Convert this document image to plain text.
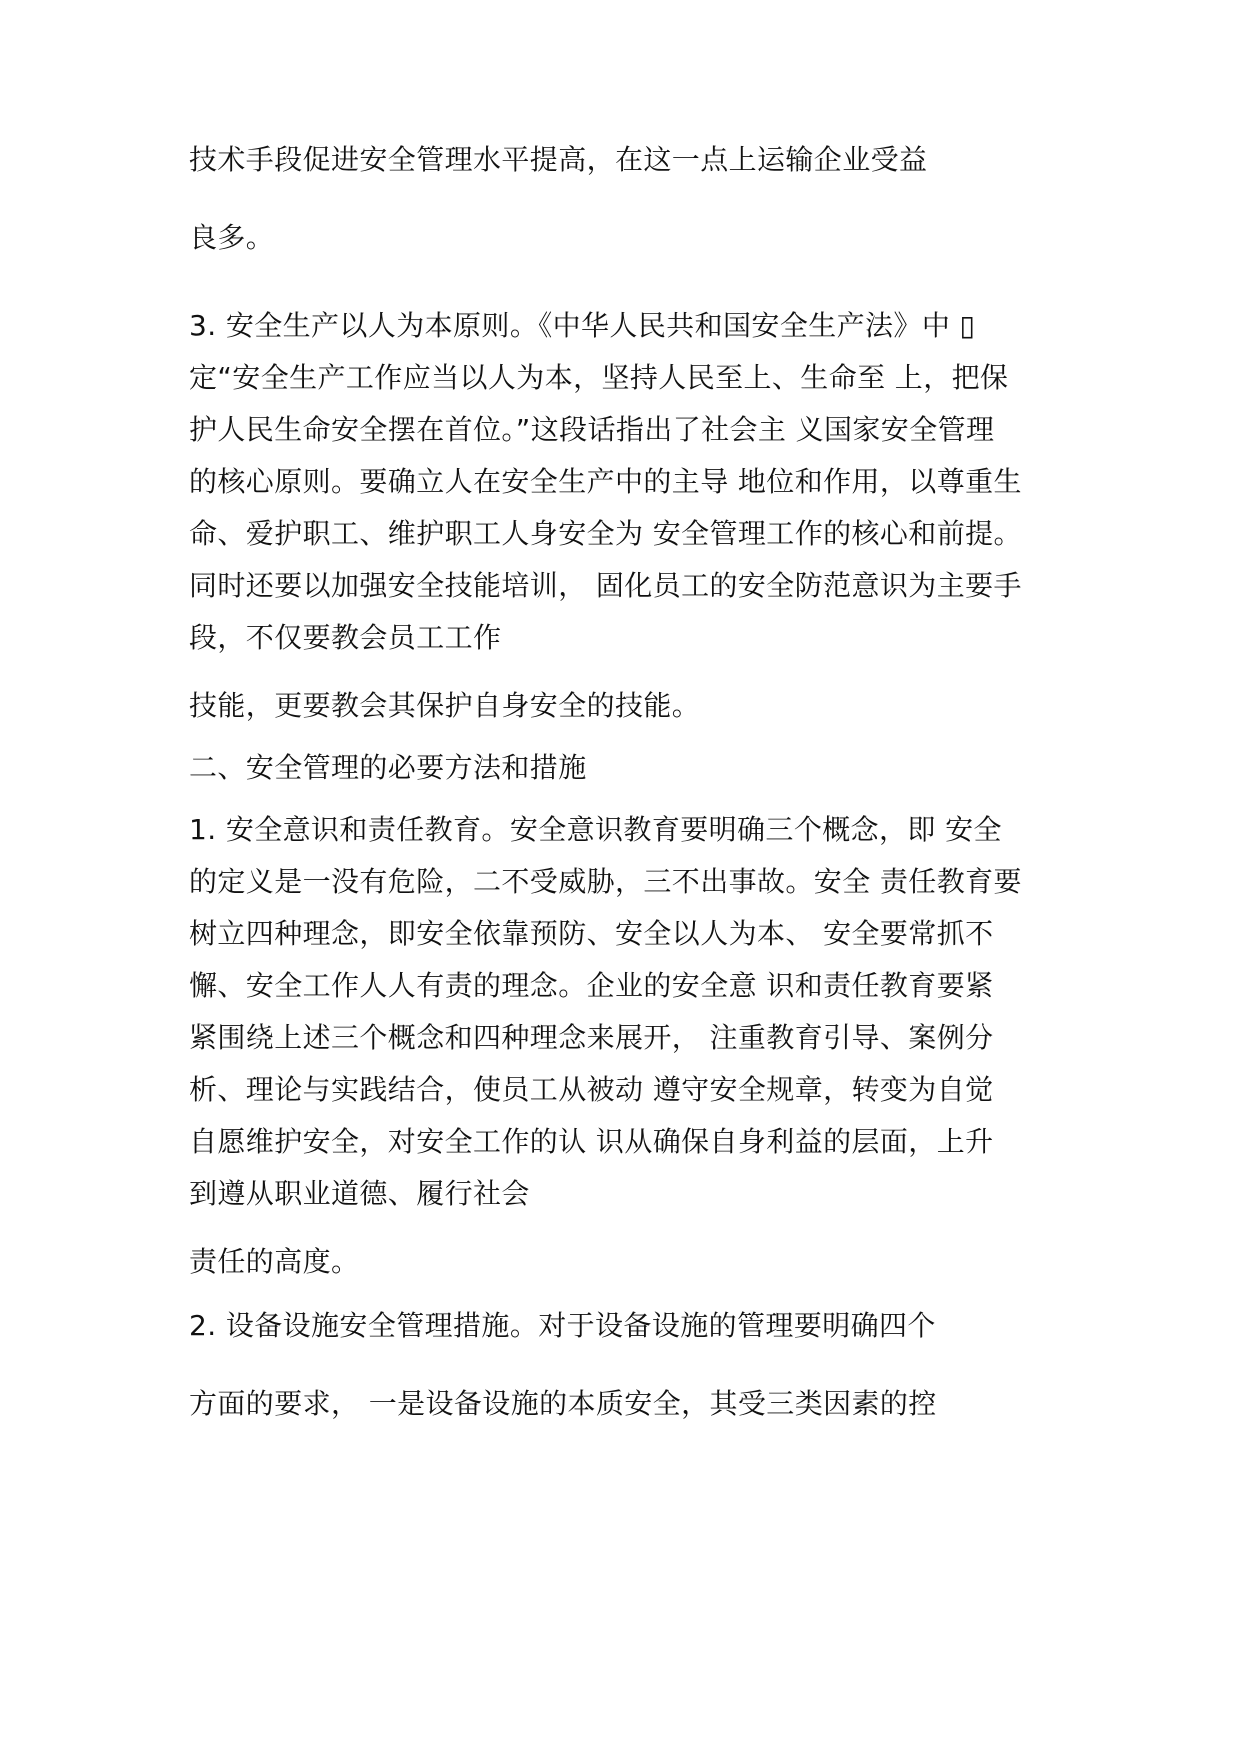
技术手段促进安全管理水平提高，在这一点上运输企业受益
良多。
3. 安全生产以人为本原则。《中华人民共和国安全生产法》中 ▯
定“安全生产工作应当以人为本，坚持人民至上、生命至 上，把保
护人民生命安全摆在首位。”这段话指出了社会主 义国家安全管理
的核心原则。要确立人在安全生产中的主导 地位和作用，以尊重生
命、爱护职工、维护职工人身安全为 安全管理工作的核心和前提。
同时还要以加强安全技能培训， 固化员工的安全防范意识为主要手
段，不仅要教会员工工作
技能，更要教会其保护自身安全的技能。
二、安全管理的必要方法和措施
1. 安全意识和责任教育。安全意识教育要明确三个概念，即 安全
的定义是一没有危险，二不受威胁，三不出事故。安全 责任教育要
树立四种理念，即安全依靠预防、安全以人为本、 安全要常抓不
懈、安全工作人人有责的理念。企业的安全意 识和责任教育要紧
紧围绕上述三个概念和四种理念来展开， 注重教育引导、案例分
析、理论与实践结合，使员工从被动 遵守安全规章，转变为自觉
自愿维护安全，对安全工作的认 识从确保自身利益的层面，上升
到遵从职业道德、履行社会
责任的高度。
2. 设备设施安全管理措施。对于设备设施的管理要明确四个
方面的要求， 一是设备设施的本质安全，其受三类因素的控
